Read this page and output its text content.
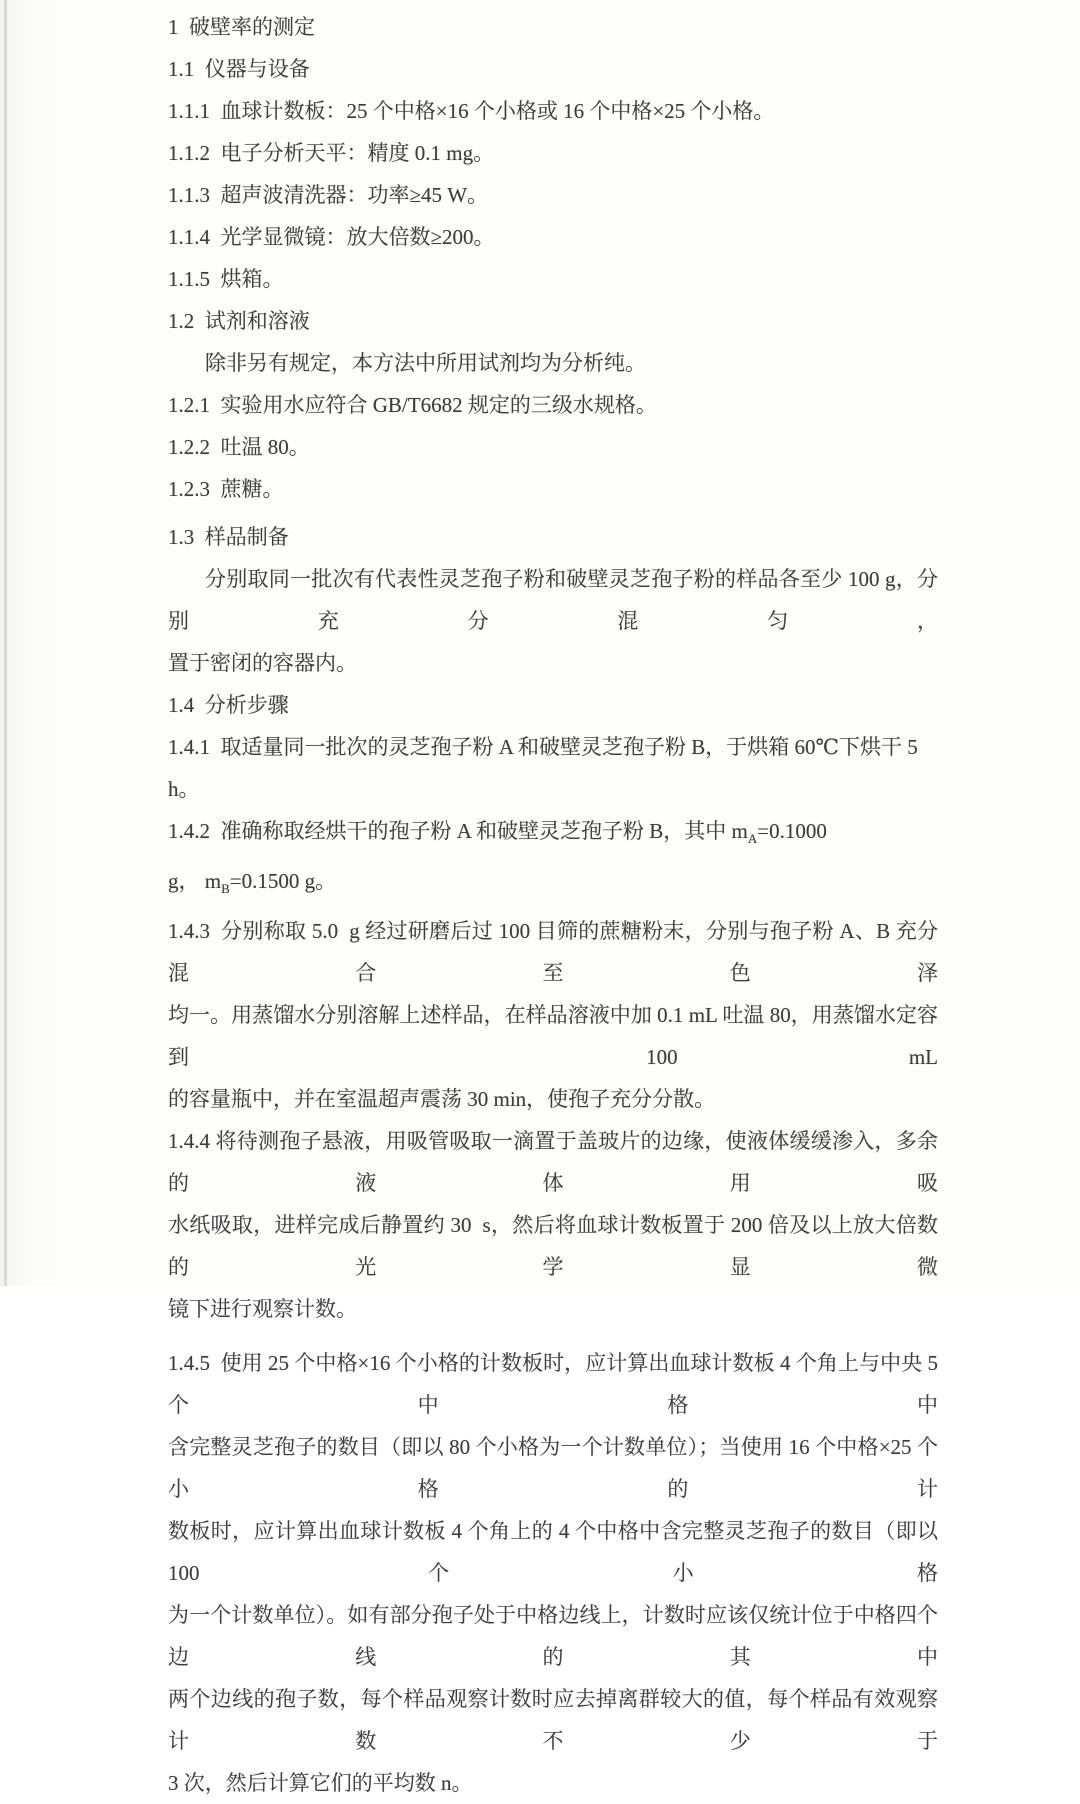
1  破壁率的测定
1.1  仪器与设备
1.1.1  血球计数板：25 个中格×16 个小格或 16 个中格×25 个小格。
1.1.2  电子分析天平：精度 0.1 mg。
1.1.3  超声波清洗器：功率≥45 W。
1.1.4  光学显微镜：放大倍数≥200。
1.1.5  烘箱。
1.2  试剂和溶液
除非另有规定，本方法中所用试剂均为分析纯。
1.2.1  实验用水应符合 GB/T6682 规定的三级水规格。
1.2.2  吐温 80。
1.2.3  蔗糖。
1.3  样品制备
分别取同一批次有代表性灵芝孢子粉和破壁灵芝孢子粉的样品各至少 100 g，分别充分混匀，
置于密闭的容器内。
1.4  分析步骤
1.4.1  取适量同一批次的灵芝孢子粉 A 和破壁灵芝孢子粉 B，于烘箱 60℃下烘干 5 h。
1.4.2  准确称取经烘干的孢子粉 A 和破壁灵芝孢子粉 B，其中 $m_A=0.1000$ g， $m_B=0.1500$ g。
1.4.3  分别称取 5.0  g 经过研磨后过 100 目筛的蔗糖粉末，分别与孢子粉 A、B 充分混合至色泽
均一。用蒸馏水分别溶解上述样品，在样品溶液中加 0.1 mL 吐温 80，用蒸馏水定容到 100 mL
的容量瓶中，并在室温超声震荡 30 min，使孢子充分分散。
1.4.4 将待测孢子悬液，用吸管吸取一滴置于盖玻片的边缘，使液体缓缓渗入，多余的液体用吸
水纸吸取，进样完成后静置约 30  s，然后将血球计数板置于 200 倍及以上放大倍数的光学显微
镜下进行观察计数。
1.4.5  使用 25 个中格×16 个小格的计数板时，应计算出血球计数板 4 个角上与中央 5 个中格中
含完整灵芝孢子的数目（即以 80 个小格为一个计数单位）；当使用 16 个中格×25 个小格的计
数板时，应计算出血球计数板 4 个角上的 4 个中格中含完整灵芝孢子的数目（即以 100 个小格
为一个计数单位）。如有部分孢子处于中格边线上，计数时应该仅统计位于中格四个边线的其中
两个边线的孢子数，每个样品观察计数时应去掉离群较大的值，每个样品有效观察计数不少于
3 次，然后计算它们的平均数 n。
